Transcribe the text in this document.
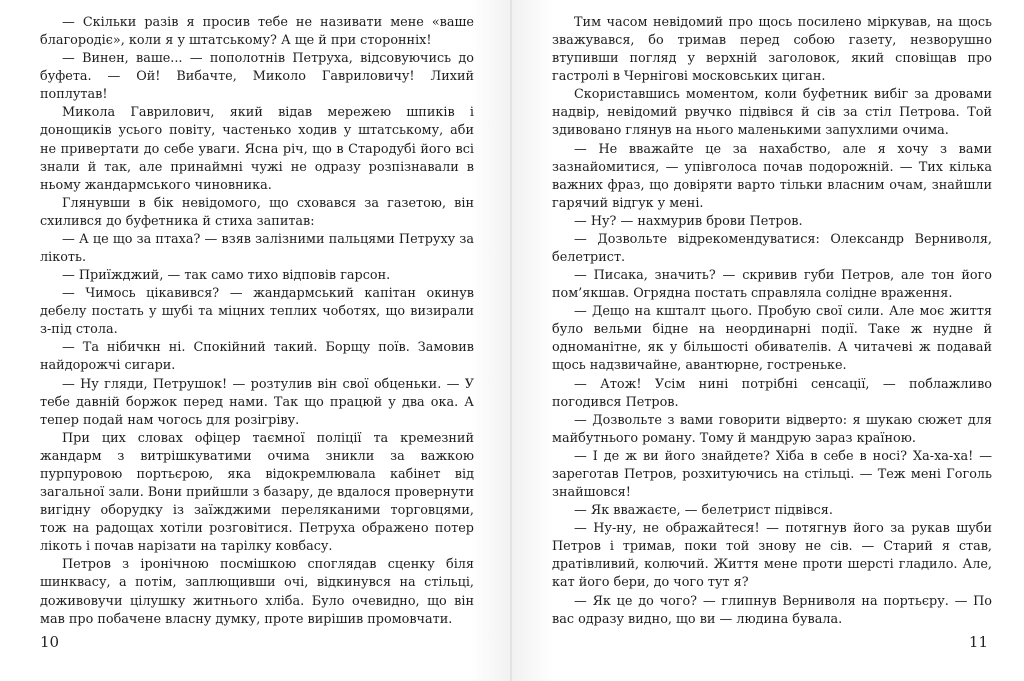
— Скільки разів я просив тебе не називати мене «ваше благородіє», коли я у штатському? А ще й при сторонніх!

— Винен, ваше... — пополотнів Петруха, відсовуючись до буфета. — Ой! Вибачте, Миколо Гавриловичу! Лихий поплутав!

Микола Гаврилович, який відав мережею шпиків і донощиків усього повіту, частенько ходив у штатському, аби не привертати до себе уваги. Ясна річ, що в Стародубі його всі знали й так, але принаймні чужі не одразу розпізнавали в ньому жандармського чиновника.

Глянувши в бік невідомого, що сховався за газетою, він схилився до буфетника й стиха запитав:

— А це що за птаха? — взяв залізними пальцями Петруху за лікоть.

— Приїжджий, — так само тихо відповів гарсон.

— Чимось цікавився? — жандармський капітан окинув дебелу постать у шубі та міцних теплих чоботях, що визирали з-під стола.

— Та нібичкн ні. Спокійний такий. Борщу поїв. Замовив найдорожчі сигари.

— Ну гляди, Петрушок! — розтулив він свої обценьки. — У тебе давній боржок перед нами. Так що працюй у два ока. А тепер подай нам чогось для розігріву.

При цих словах офіцер таємної поліції та кремезний жандарм з витрішкуватими очима зникли за важкою пурпуровою портьєрою, яка відокремлювала кабінет від загальної зали. Вони прийшли з базару, де вдалося провернути вигідну оборудку із заїжджими переляканими торговцями, тож на радощах хотіли розговітися. Петруха ображено потер лікоть і почав нарізати на тарілку ковбасу.

Петров з іронічною посмішкою споглядав сценку біля шинквасу, а потім, заплющивши очі, відкинувся на стільці, доживовучи цілушку житнього хліба. Було очевидно, що він мав про побачене власну думку, проте вирішив промовчати.

10

Тим часом невідомий про щось посилено міркував, на щось зважувався, бо тримав перед собою газету, незворушно втупивши погляд у верхній заголовок, який сповіщав про гастролі в Чернігові московських циган.

Скориставшись моментом, коли буфетник вибіг за дровами надвір, невідомий рвучко підвівся й сів за стіл Петрова. Той здивовано глянув на нього маленькими запухлими очима.

— Не вважайте це за нахабство, але я хочу з вами зазнайомитися, — упівголоса почав подорожній. — Тих кілька важних фраз, що довіряти варто тільки власним очам, знайшли гарячий відгук у мені.

— Ну? — нахмурив брови Петров.

— Дозвольте відрекомендуватися: Олександр Верниволя, белетрист.

— Писака, значить? — скривив губи Петров, але тон його пом’якшав. Огрядна постать справляла солідне враження.

— Дещо на кшталт цього. Пробую свої сили. Але моє життя було вельми бідне на неординарні події. Таке ж нудне й одноманітне, як у більшості обивателів. А читачеві ж подавай щось надзвичайне, авантюрне, гостреньке.

— Атож! Усім нині потрібні сенсації, — поблажливо погодився Петров.

— Дозвольте з вами говорити відверто: я шукаю сюжет для майбутнього роману. Тому й мандрую зараз країною.

— І де ж ви його знайдете? Хіба в себе в носі? Ха-ха-ха! — зареготав Петров, розхитуючись на стільці. — Теж мені Гоголь знайшовся!

— Як вважаєте, — белетрист підвівся.

— Ну-ну, не ображайтеся! — потягнув його за рукав шуби Петров і тримав, поки той знову не сів. — Старий я став, дратівливий, колючий. Життя мене проти шерсті гладило. Але, кат його бери, до чого тут я?

— Як це до чого? — глипнув Верниволя на портьєру. — По вас одразу видно, що ви — людина бувала.

11
